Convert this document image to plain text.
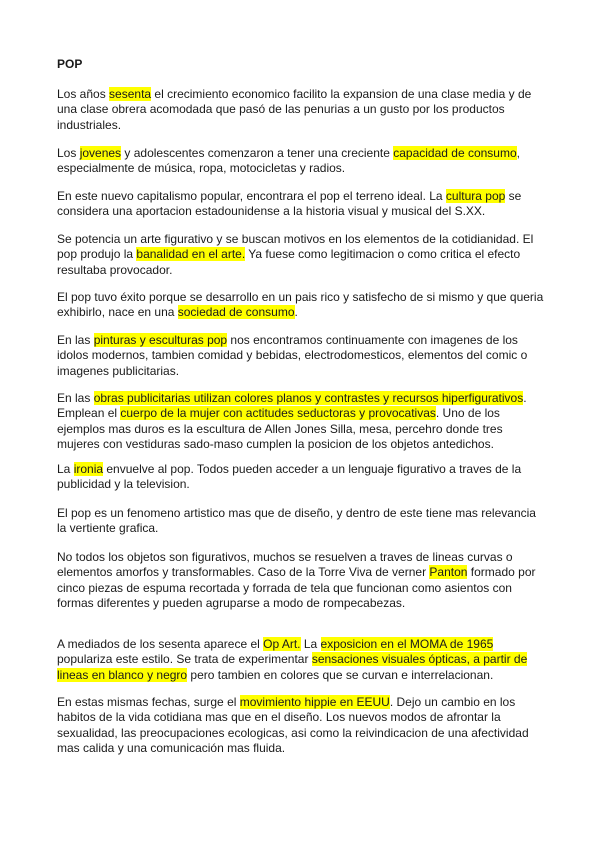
POP

Los años sesenta el crecimiento economico facilito la expansion de una clase media y de una clase obrera acomodada que pasó de las penurias a un gusto por los productos industriales.

Los jovenes y adolescentes comenzaron a tener una creciente capacidad de consumo, especialmente de música, ropa, motocicletas y radios.

En este nuevo capitalismo popular, encontrara el pop el terreno ideal. La cultura pop se considera una aportacion estadounidense a la historia visual y musical del S.XX.

Se potencia un arte figurativo y se buscan motivos en los elementos de la cotidianidad. El pop produjo la banalidad en el arte. Ya fuese como legitimacion o como critica el efecto resultaba provocador.

El pop tuvo éxito porque se desarrollo en un pais rico y satisfecho de si mismo y que queria exhibirlo, nace en una sociedad de consumo.

En las pinturas y esculturas pop nos encontramos continuamente con imagenes de los idolos modernos, tambien comidad y bebidas, electrodomesticos, elementos del comic o imagenes publicitarias.

En las obras publicitarias utilizan colores planos y contrastes y recursos hiperfigurativos. Emplean el cuerpo de la mujer con actitudes seductoras y provocativas. Uno de los ejemplos mas duros es la escultura de Allen Jones Silla, mesa, percehro donde tres mujeres con vestiduras sado-maso cumplen la posicion de los objetos antedichos.

La ironia envuelve al pop. Todos pueden acceder a un lenguaje figurativo a traves de la publicidad y la television.

El pop es un fenomeno artistico mas que de diseño, y dentro de este tiene mas relevancia la vertiente grafica.

No todos los objetos son figurativos, muchos se resuelven a traves de lineas curvas o elementos amorfos y transformables. Caso de la Torre Viva de verner Panton formado por cinco piezas de espuma recortada y forrada de tela que funcionan como asientos con formas diferentes y pueden agruparse a modo de rompecabezas.

A mediados de los sesenta aparece el Op Art. La exposicion en el MOMA de 1965 populariza este estilo. Se trata de experimentar sensaciones visuales ópticas, a partir de lineas en blanco y negro pero tambien en colores que se curvan e interrelacionan.

En estas mismas fechas, surge el movimiento hippie en EEUU. Dejo un cambio en los habitos de la vida cotidiana mas que en el diseño. Los nuevos modos de afrontar la sexualidad, las preocupaciones ecologicas, asi como la reivindicacion de una afectividad mas calida y una comunicación mas fluida.
